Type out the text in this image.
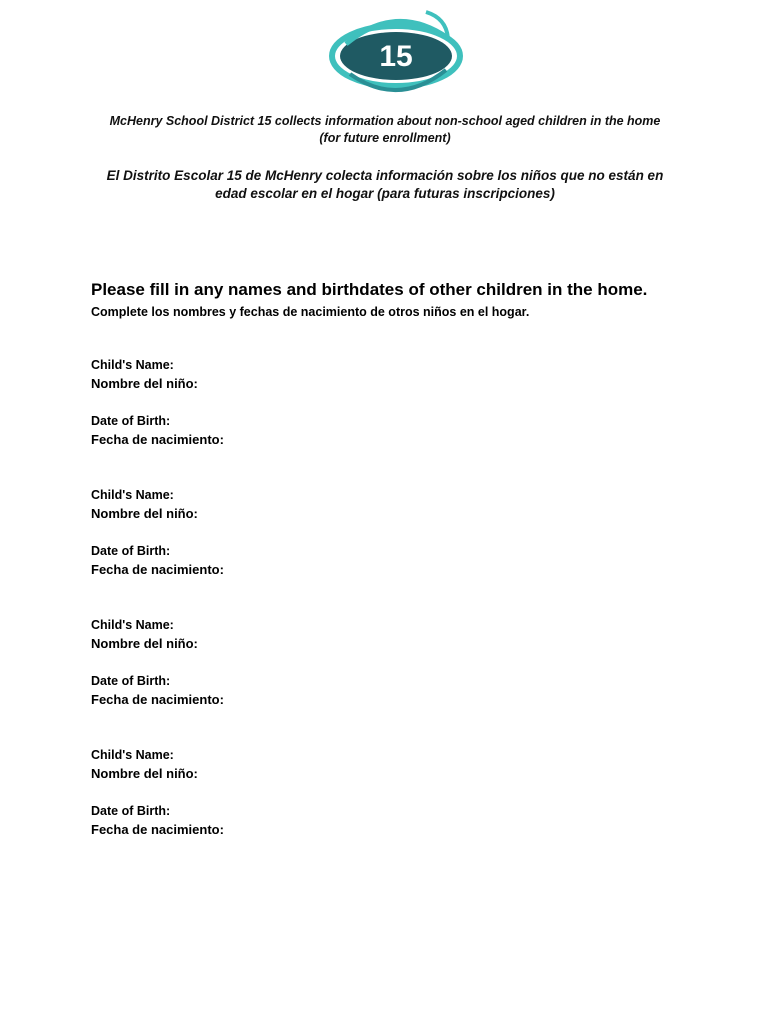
15
McHenry School District 15 collects information about non-school aged children in the home
(for future enrollment)
El Distrito Escolar 15 de McHenry colecta información sobre los niños que no están en
edad escolar en el hogar (para futuras inscripciones)
Please fill in any names and birthdates of other children in the home.
Complete los nombres y fechas de nacimiento de otros niños en el hogar.
Child's Name:
Nombre del niño:
Date of Birth:
Fecha de nacimiento:
Child's Name:
Nombre del niño:
Date of Birth:
Fecha de nacimiento:
Child's Name:
Nombre del niño:
Date of Birth:
Fecha de nacimiento:
Child's Name:
Nombre del niño:
Date of Birth:
Fecha de nacimiento:
